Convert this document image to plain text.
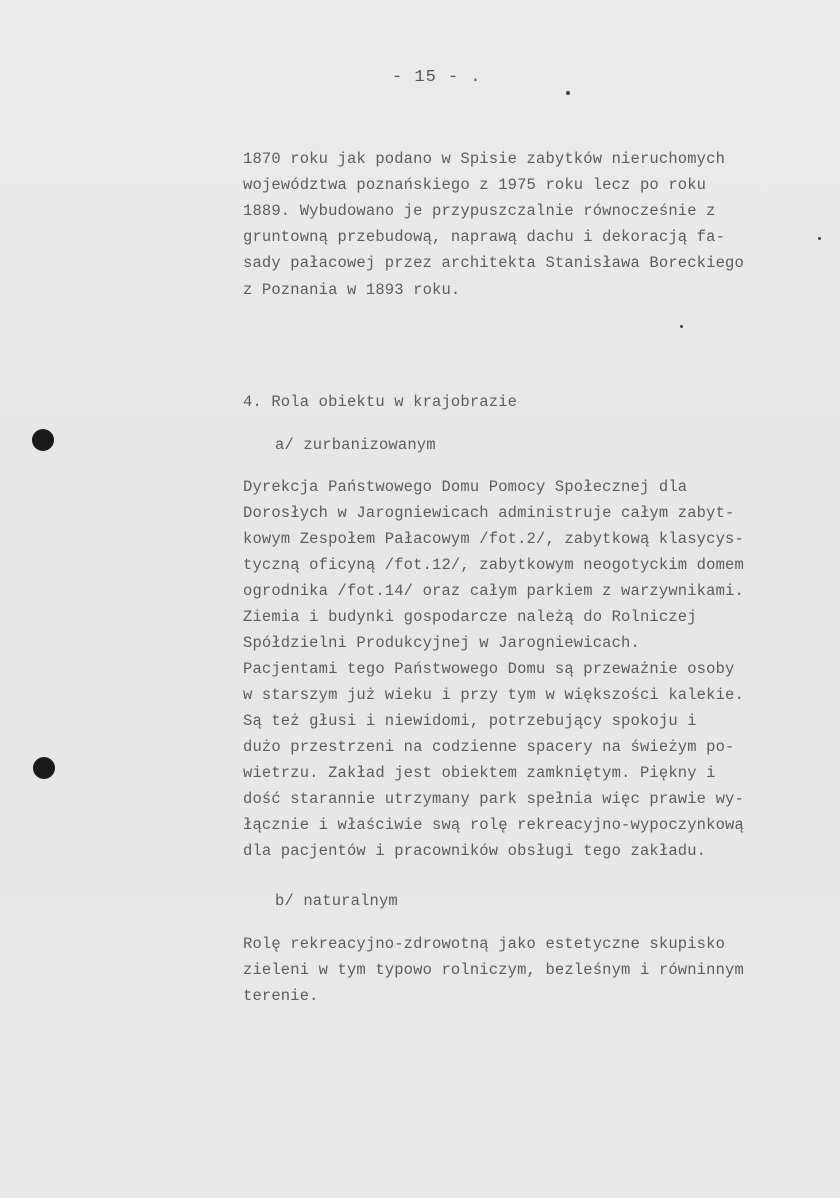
- 15 - .
1870 roku jak podano w Spisie zabytków nieruchomych
województwa poznańskiego z 1975 roku lecz po roku
1889. Wybudowano je przypuszczalnie równocześnie z
gruntowną przebudową, naprawą dachu i dekoracją fa-
sady pałacowej przez architekta Stanisława Boreckiego
z Poznania w 1893 roku.
4. Rola obiektu w krajobrazie
a/ zurbanizowanym
Dyrekcja Państwowego Domu Pomocy Społecznej dla
Dorosłych w Jarogniewicach administruje całym zabyt-
kowym Zespołem Pałacowym /fot.2/, zabytkową klasycys-
tyczną oficyną /fot.12/, zabytkowym neogotyckim domem
ogrodnika /fot.14/ oraz całym parkiem z warzywnikami.
Ziemia i budynki gospodarcze należą do Rolniczej
Spółdzielni Produkcyjnej w Jarogniewicach.
Pacjentami tego Państwowego Domu są przeważnie osoby
w starszym już wieku i przy tym w większości kalekie.
Są też głusi i niewidomi, potrzebujący spokoju i
dużo przestrzeni na codzienne spacery na świeżym po-
wietrzu. Zakład jest obiektem zamkniętym. Piękny i
dość starannie utrzymany park spełnia więc prawie wy-
łącznie i właściwie swą rolę rekreacyjno-wypoczynkową
dla pacjentów i pracowników obsługi tego zakładu.
b/ naturalnym
Rolę rekreacyjno-zdrowotną jako estetyczne skupisko
zieleni w tym typowo rolniczym, bezleśnym i równinnym
terenie.
